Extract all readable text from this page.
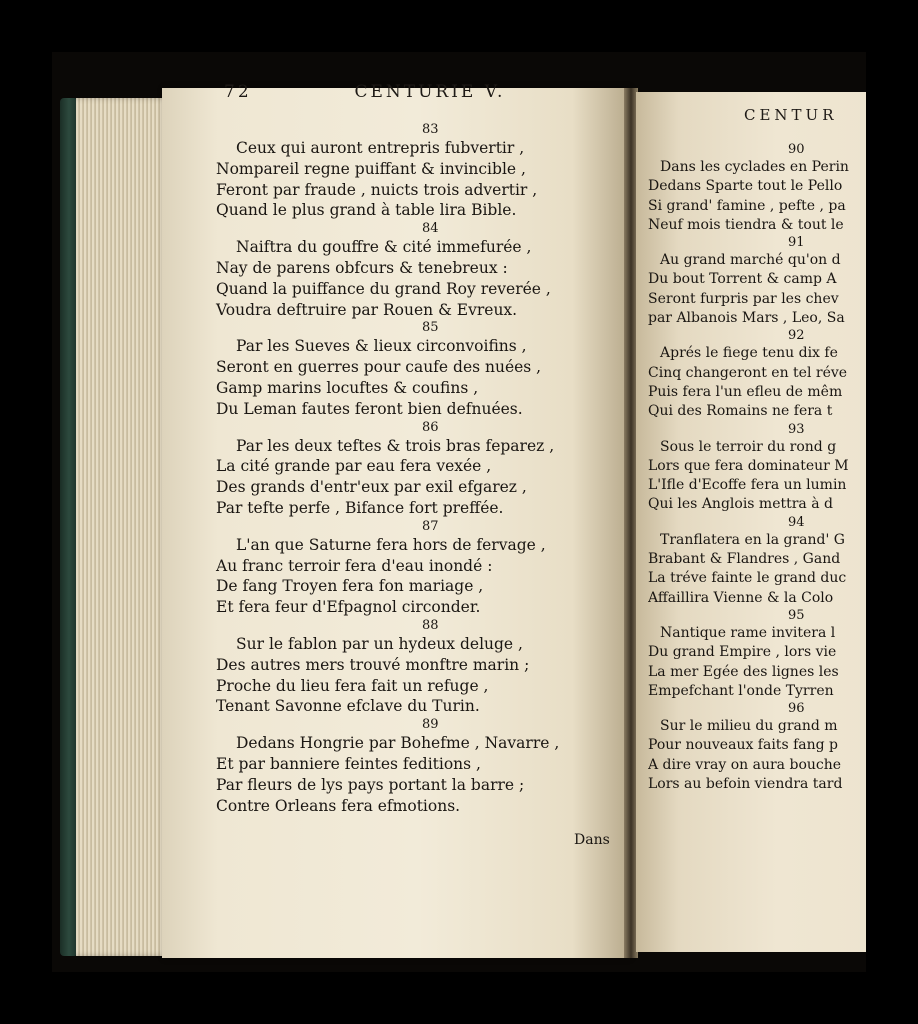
72	CENTURIE V.
CENTUR
83
Ceux qui auront entrepris fubvertir ,
Nompareil regne puiffant & invincible ,
Feront par fraude , nuicts trois advertir ,
Quand le plus grand à table lira Bible.
84
Naiftra du gouffre & cité immefurée ,
Nay de parens obfcurs & tenebreux :
Quand la puiffance du grand Roy reverée ,
Voudra deftruire par Rouen & Evreux.
85
Par les Sueves & lieux circonvoifins ,
Seront en guerres pour caufe des nuées ,
Gamp marins locuftes & coufins ,
Du Leman fautes feront bien defnuées.
86
Par les deux teftes & trois bras feparez ,
La cité grande par eau fera vexée ,
Des grands d'entr'eux par exil efgarez ,
Par tefte perfe , Bifance fort preffée.
87
L'an que Saturne fera hors de fervage ,
Au franc terroir fera d'eau inondé :
De fang Troyen fera fon mariage ,
Et fera feur d'Efpagnol circonder.
88
Sur le fablon par un hydeux deluge ,
Des autres mers trouvé monftre marin ;
Proche du lieu fera fait un refuge ,
Tenant Savonne efclave du Turin.
89
Dedans Hongrie par Bohefme , Navarre ,
Et par banniere feintes feditions ,
Par fleurs de lys pays portant la barre ;
Contre Orleans fera efmotions.
90
Dans les cyclades en Perin
Dedans Sparte tout le Pello
Si grand' famine , pefte , pa
Neuf mois tiendra & tout le
91
Au grand marché qu'on d
Du bout Torrent & camp A
Seront furpris par les chev
par Albanois Mars , Leo, Sa
92
Aprés le fiege tenu dix fe
Cinq changeront en tel réve
Puis fera l'un efleu de mêm
Qui des Romains ne fera t
93
Sous le terroir du rond g
Lors que fera dominateur M
L'Ifle d'Ecoffe fera un lumin
Qui les Anglois mettra à d
94
Tranflatera en la grand' G
Brabant & Flandres , Gand
La tréve fainte le grand duc
Affaillira Vienne & la Colo
95
Nantique rame invitera l
Du grand Empire , lors vie
La mer Egée des lignes les
Empefchant l'onde Tyrren
96
Sur le milieu du grand m
Pour nouveaux faits fang p
A dire vray on aura bouche
Lors au befoin viendra tard
Dans
